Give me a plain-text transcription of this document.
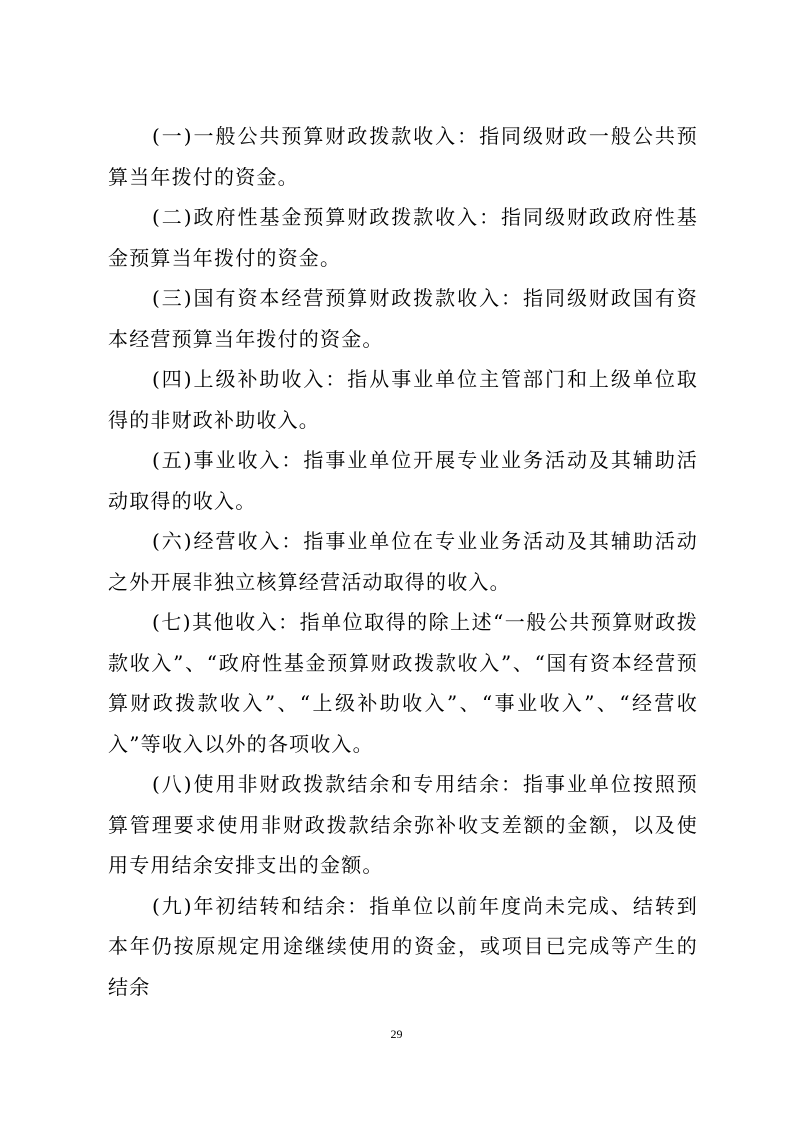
(一)一般公共预算财政拨款收入：指同级财政一般公共预算当年拨付的资金。

(二)政府性基金预算财政拨款收入：指同级财政政府性基金预算当年拨付的资金。

(三)国有资本经营预算财政拨款收入：指同级财政国有资本经营预算当年拨付的资金。

(四)上级补助收入：指从事业单位主管部门和上级单位取得的非财政补助收入。

(五)事业收入：指事业单位开展专业业务活动及其辅助活动取得的收入。

(六)经营收入：指事业单位在专业业务活动及其辅助活动之外开展非独立核算经营活动取得的收入。

(七)其他收入：指单位取得的除上述“一般公共预算财政拨款收入”、“政府性基金预算财政拨款收入”、“国有资本经营预算财政拨款收入”、“上级补助收入”、“事业收入”、“经营收入”等收入以外的各项收入。

(八)使用非财政拨款结余和专用结余：指事业单位按照预算管理要求使用非财政拨款结余弥补收支差额的金额，以及使用专用结余安排支出的金额。

(九)年初结转和结余：指单位以前年度尚未完成、结转到本年仍按原规定用途继续使用的资金，或项目已完成等产生的结余

29
